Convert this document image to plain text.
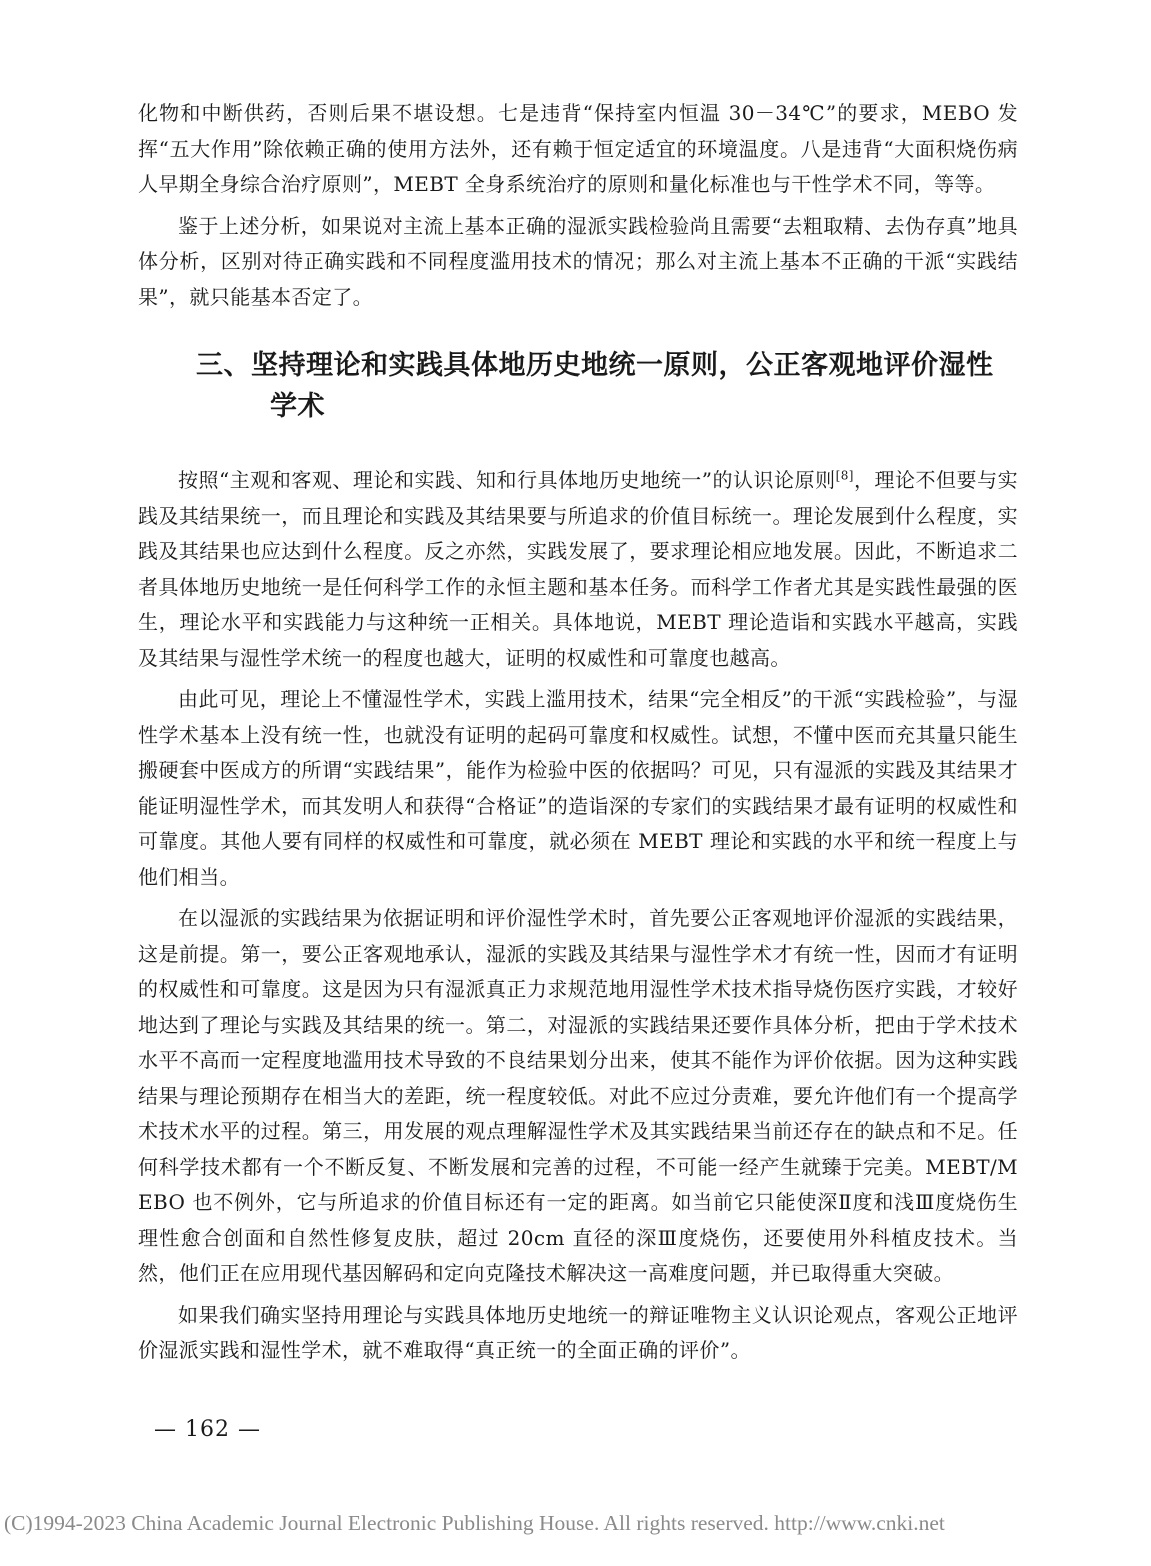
化物和中断供药，否则后果不堪设想。七是违背“保持室内恒温 30－34℃”的要求，MEBO 发挥“五大作用”除依赖正确的使用方法外，还有赖于恒定适宜的环境温度。八是违背“大面积烧伤病人早期全身综合治疗原则”，MEBT 全身系统治疗的原则和量化标准也与干性学术不同，等等。

鉴于上述分析，如果说对主流上基本正确的湿派实践检验尚且需要“去粗取精、去伪存真”地具体分析，区别对待正确实践和不同程度滥用技术的情况；那么对主流上基本不正确的干派“实践结果”，就只能基本否定了。

三、坚持理论和实践具体地历史地统一原则，公正客观地评价湿性
学术

按照“主观和客观、理论和实践、知和行具体地历史地统一”的认识论原则[8]，理论不但要与实践及其结果统一，而且理论和实践及其结果要与所追求的价值目标统一。理论发展到什么程度，实践及其结果也应达到什么程度。反之亦然，实践发展了，要求理论相应地发展。因此，不断追求二者具体地历史地统一是任何科学工作的永恒主题和基本任务。而科学工作者尤其是实践性最强的医生，理论水平和实践能力与这种统一正相关。具体地说，MEBT 理论造诣和实践水平越高，实践及其结果与湿性学术统一的程度也越大，证明的权威性和可靠度也越高。

由此可见，理论上不懂湿性学术，实践上滥用技术，结果“完全相反”的干派“实践检验”，与湿性学术基本上没有统一性，也就没有证明的起码可靠度和权威性。试想，不懂中医而充其量只能生搬硬套中医成方的所谓“实践结果”，能作为检验中医的依据吗？可见，只有湿派的实践及其结果才能证明湿性学术，而其发明人和获得“合格证”的造诣深的专家们的实践结果才最有证明的权威性和可靠度。其他人要有同样的权威性和可靠度，就必须在 MEBT 理论和实践的水平和统一程度上与他们相当。

在以湿派的实践结果为依据证明和评价湿性学术时，首先要公正客观地评价湿派的实践结果，这是前提。第一，要公正客观地承认，湿派的实践及其结果与湿性学术才有统一性，因而才有证明的权威性和可靠度。这是因为只有湿派真正力求规范地用湿性学术技术指导烧伤医疗实践，才较好地达到了理论与实践及其结果的统一。第二，对湿派的实践结果还要作具体分析，把由于学术技术水平不高而一定程度地滥用技术导致的不良结果划分出来，使其不能作为评价依据。因为这种实践结果与理论预期存在相当大的差距，统一程度较低。对此不应过分责难，要允许他们有一个提高学术技术水平的过程。第三，用发展的观点理解湿性学术及其实践结果当前还存在的缺点和不足。任何科学技术都有一个不断反复、不断发展和完善的过程，不可能一经产生就臻于完美。MEBT/MEBO 也不例外，它与所追求的价值目标还有一定的距离。如当前它只能使深Ⅱ度和浅Ⅲ度烧伤生理性愈合创面和自然性修复皮肤，超过 20cm 直径的深Ⅲ度烧伤，还要使用外科植皮技术。当然，他们正在应用现代基因解码和定向克隆技术解决这一高难度问题，并已取得重大突破。

如果我们确实坚持用理论与实践具体地历史地统一的辩证唯物主义认识论观点，客观公正地评价湿派实践和湿性学术，就不难取得“真正统一的全面正确的评价”。

— 162 —
(C)1994-2023 China Academic Journal Electronic Publishing House. All rights reserved. http://www.cnki.net
